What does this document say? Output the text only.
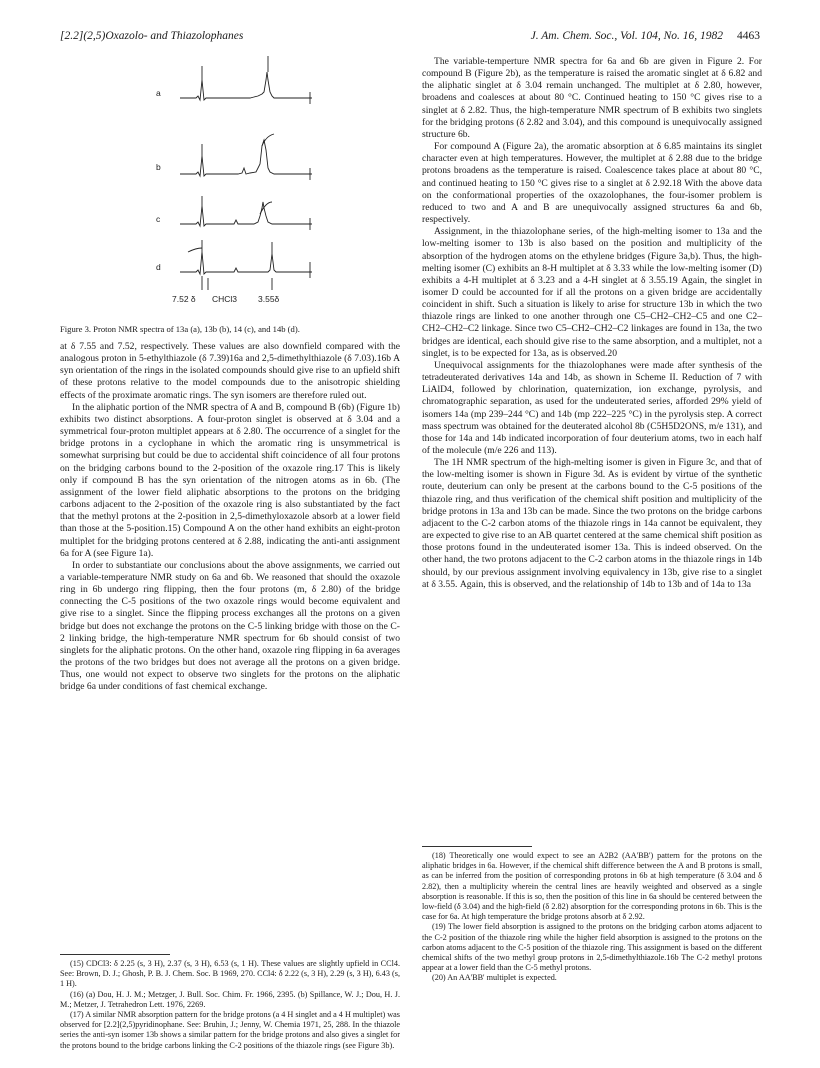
[2.2](2,5)Oxazolo- and Thiazolophanes	J. Am. Chem. Soc., Vol. 104, No. 16, 1982 4463
a
b
c
d
7.52 δ CHCl3 3.55δ
Figure 3. Proton NMR spectra of 13a (a), 13b (b), 14 (c), and 14b (d).

at δ 7.55 and 7.52, respectively. These values are also downfield compared with the analogous proton in 5-ethylthiazole (δ 7.39)16a and 2,5-dimethylthiazole (δ 7.03).16b A syn orientation of the rings in the isolated compounds should give rise to an upfield shift of these protons relative to the model compounds due to the anisotropic shielding effects of the proximate aromatic rings. The syn isomers are therefore ruled out.

In the aliphatic portion of the NMR spectra of A and B, compound B (6b) (Figure 1b) exhibits two distinct absorptions. A four-proton singlet is observed at δ 3.04 and a symmetrical four-proton multiplet appears at δ 2.80. The occurrence of a singlet for the bridge protons in a cyclophane in which the aromatic ring is unsymmetrical is somewhat surprising but could be due to accidental shift coincidence of all four protons on the bridging carbons bound to the 2-position of the oxazole ring.17 This is likely only if compound B has the syn orientation of the nitrogen atoms as in 6b. (The assignment of the lower field aliphatic absorptions to the protons on the bridging carbons adjacent to the 2-position of the oxazole ring is also substantiated by the fact that the methyl protons at the 2-position in 2,5-dimethyloxazole absorb at a lower field than those at the 5-position.15) Compound A on the other hand exhibits an eight-proton multiplet for the bridging protons centered at δ 2.88, indicating the anti-anti assignment 6a for A (see Figure 1a).

In order to substantiate our conclusions about the above assignments, we carried out a variable-temperature NMR study on 6a and 6b. We reasoned that should the oxazole ring in 6b undergo ring flipping, then the four protons (m, δ 2.80) of the bridge connecting the C-5 positions of the two oxazole rings would become equivalent and give rise to a singlet. Since the flipping process exchanges all the protons on a given bridge but does not exchange the protons on the C-5 linking bridge with those on the C-2 linking bridge, the high-temperature NMR spectrum for 6b should consist of two singlets for the aliphatic protons. On the other hand, oxazole ring flipping in 6a averages the protons of the two bridges but does not average all the protons on a given bridge. Thus, one would not expect to observe two singlets for the protons on the aliphatic bridge 6a under conditions of fast chemical exchange.

(15) CDCl3: δ 2.25 (s, 3 H), 2.37 (s, 3 H), 6.53 (s, 1 H). These values are slightly upfield in CCl4. See: Brown, D. J.; Ghosh, P. B. J. Chem. Soc. B 1969, 270. CCl4: δ 2.22 (s, 3 H), 2.29 (s, 3 H), 6.43 (s, 1 H).

(16) (a) Dou, H. J. M.; Metzger, J. Bull. Soc. Chim. Fr. 1966, 2395. (b) Spillance, W. J.; Dou, H. J. M.; Metzer, J. Tetrahedron Lett. 1976, 2269.

(17) A similar NMR absorption pattern for the bridge protons (a 4 H singlet and a 4 H multiplet) was observed for [2.2](2,5)pyridinophane. See: Bruhin, J.; Jenny, W. Chemia 1971, 25, 288. In the thiazole series the anti-syn isomer 13b shows a similar pattern for the bridge protons and also gives a singlet for the protons bound to the bridge carbons linking the C-2 positions of the thiazole rings (see Figure 3b).

The variable-temperture NMR spectra for 6a and 6b are given in Figure 2. For compound B (Figure 2b), as the temperature is raised the aromatic singlet at δ 6.82 and the aliphatic singlet at δ 3.04 remain unchanged. The multiplet at δ 2.80, however, broadens and coalesces at about 80 °C. Continued heating to 150 °C gives rise to a singlet at δ 2.82. Thus, the high-temperature NMR spectrum of B exhibits two singlets for the bridging protons (δ 2.82 and 3.04), and this compound is unequivocally assigned structure 6b.

For compound A (Figure 2a), the aromatic absorption at δ 6.85 maintains its singlet character even at high temperatures. However, the multiplet at δ 2.88 due to the bridge protons broadens as the temperature is raised. Coalescence takes place at about 80 °C, and continued heating to 150 °C gives rise to a singlet at δ 2.92.18 With the above data on the conformational properties of the oxazolophanes, the four-isomer problem is reduced to two and A and B are unequivocally assigned structures 6a and 6b, respectively.

Assignment, in the thiazolophane series, of the high-melting isomer to 13a and the low-melting isomer to 13b is also based on the position and multiplicity of the absorption of the hydrogen atoms on the ethylene bridges (Figure 3a,b). Thus, the high-melting isomer (C) exhibits an 8-H multiplet at δ 3.33 while the low-melting isomer (D) exhibits a 4-H multiplet at δ 3.23 and a 4-H singlet at δ 3.55.19 Again, the singlet in isomer D could be accounted for if all the protons on a given bridge are accidentally coincident in shift. Such a situation is likely to arise for structure 13b in which the two thiazole rings are linked to one another through one C5–CH2–CH2–C5 and one C2–CH2–CH2–C2 linkage. Since two C5–CH2–CH2–C2 linkages are found in 13a, the two bridges are identical, each should give rise to the same absorption, and a multiplet, not a singlet, is to be expected for 13a, as is observed.20

Unequivocal assignments for the thiazolophanes were made after synthesis of the tetradeuterated derivatives 14a and 14b, as shown in Scheme II. Reduction of 7 with LiAlD4, followed by chlorination, quaternization, ion exchange, pyrolysis, and chromatographic separation, as used for the undeuterated series, afforded 29% yield of isomers 14a (mp 239–244 °C) and 14b (mp 222–225 °C) in the pyrolysis step. A correct mass spectrum was obtained for the deuterated alcohol 8b (C5H5D2ONS, m/e 131), and those for 14a and 14b indicated incorporation of four deuterium atoms, two in each half of the molecule (m/e 226 and 113).

The 1H NMR spectrum of the high-melting isomer is given in Figure 3c, and that of the low-melting isomer is shown in Figure 3d. As is evident by virtue of the synthetic route, deuterium can only be present at the carbons bound to the C-5 positions of the thiazole ring, and thus verification of the chemical shift position and multiplicity of the bridge protons in 13a and 13b can be made. Since the two protons on the bridge carbons adjacent to the C-2 carbon atoms of the thiazole rings in 14a cannot be equivalent, they are expected to give rise to an AB quartet centered at the same chemical shift position as those protons found in the undeuterated isomer 13a. This is indeed observed. On the other hand, the two protons adjacent to the C-2 carbon atoms in the thiazole rings in 14b should, by our previous assignment involving equivalency in 13b, give rise to a singlet at δ 3.55. Again, this is observed, and the relationship of 14b to 13b and of 14a to 13a

(18) Theoretically one would expect to see an A2B2 (AA'BB') pattern for the protons on the aliphatic bridges in 6a. However, if the chemical shift difference between the A and B protons is small, as can be inferred from the position of corresponding protons in 6b at high temperature (δ 3.04 and δ 2.82), then a multiplicity wherein the central lines are heavily weighted and observed as a single absorption is reasonable. If this is so, then the position of this line in 6a should be centered between the low-field (δ 3.04) and the high-field (δ 2.82) absorption for the corresponding protons in 6b. This is the case for 6a. At high temperature the bridge protons absorb at δ 2.92.

(19) The lower field absorption is assigned to the protons on the bridging carbon atoms adjacent to the C-2 position of the thiazole ring while the higher field absorption is assigned to the protons on the carbon atoms adjacent to the C-5 position of the thiazole ring. This assignment is based on the different chemical shifts of the two methyl group protons in 2,5-dimethylthiazole.16b The C-2 methyl protons appear at a lower field than the C-5 methyl protons.

(20) An AA'BB' multiplet is expected.
